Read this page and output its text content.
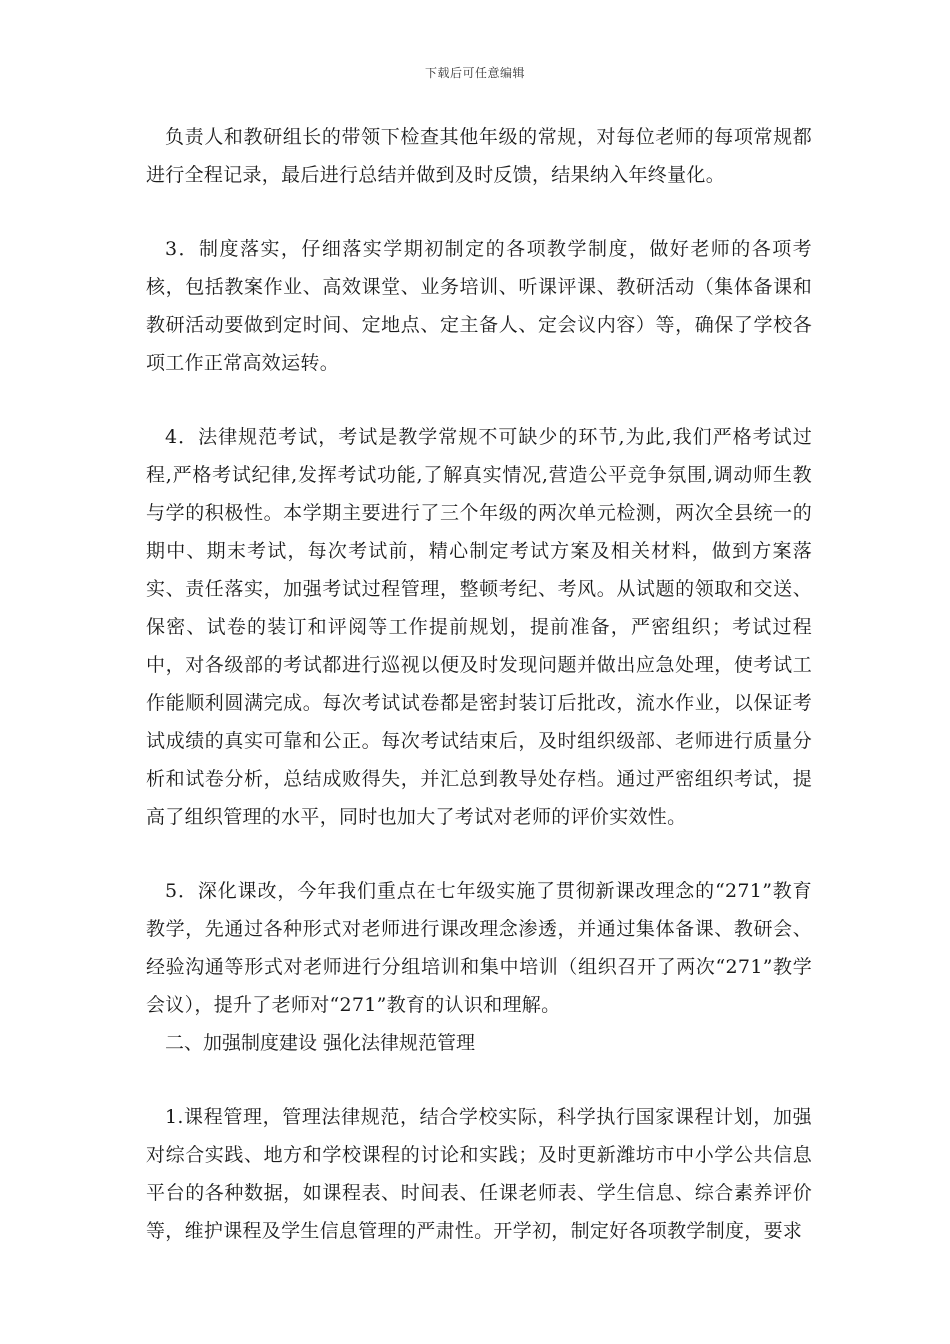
下载后可任意编辑

负责人和教研组长的带领下检查其他年级的常规，对每位老师的每项常规都进行全程记录，最后进行总结并做到及时反馈，结果纳入年终量化。

3．制度落实，仔细落实学期初制定的各项教学制度，做好老师的各项考核，包括教案作业、高效课堂、业务培训、听课评课、教研活动（集体备课和教研活动要做到定时间、定地点、定主备人、定会议内容）等，确保了学校各项工作正常高效运转。

4．法律规范考试，考试是教学常规不可缺少的环节,为此,我们严格考试过程,严格考试纪律,发挥考试功能,了解真实情况,营造公平竞争氛围,调动师生教与学的积极性。本学期主要进行了三个年级的两次单元检测，两次全县统一的期中、期末考试，每次考试前，精心制定考试方案及相关材料，做到方案落实、责任落实，加强考试过程管理，整顿考纪、考风。从试题的领取和交送、保密、试卷的装订和评阅等工作提前规划，提前准备，严密组织；考试过程中，对各级部的考试都进行巡视以便及时发现问题并做出应急处理，使考试工作能顺利圆满完成。每次考试试卷都是密封装订后批改，流水作业，以保证考试成绩的真实可靠和公正。每次考试结束后，及时组织级部、老师进行质量分析和试卷分析，总结成败得失，并汇总到教导处存档。通过严密组织考试，提高了组织管理的水平，同时也加大了考试对老师的评价实效性。

5．深化课改，今年我们重点在七年级实施了贯彻新课改理念的“271”教育教学，先通过各种形式对老师进行课改理念渗透，并通过集体备课、教研会、经验沟通等形式对老师进行分组培训和集中培训（组织召开了两次“271”教学会议），提升了老师对“271”教育的认识和理解。

二、加强制度建设 强化法律规范管理

1.课程管理，管理法律规范，结合学校实际，科学执行国家课程计划，加强对综合实践、地方和学校课程的讨论和实践；及时更新潍坊市中小学公共信息平台的各种数据，如课程表、时间表、任课老师表、学生信息、综合素养评价等，维护课程及学生信息管理的严肃性。开学初，制定好各项教学制度，要求
